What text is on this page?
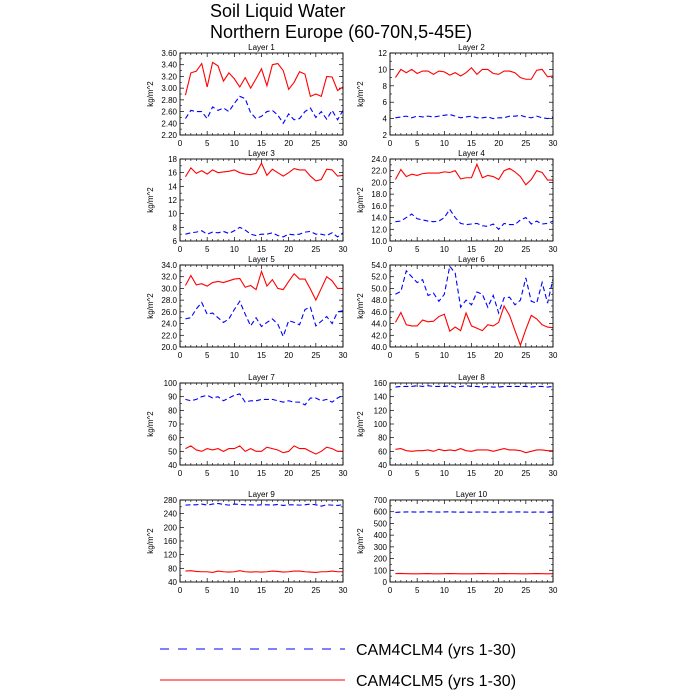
Soil Liquid Water
Northern Europe (60-70N,5-45E)
Layer 1
kg/m^2
2.20
2.40
2.60
2.80
3.00
3.20
3.40
3.60
0	5	10 15 20 25 30
Layer 2
kg/m^2
2
4
6
8
10
12
0	5	10 15 20 25 30
Layer 3
kg/m^2
6
8
10
12
14
16
18
0	5	10 15 20 25 30
Layer 4
kg/m^2
10.0
12.0
14.0
16.0
18.0
20.0
22.0
24.0
0	5	10 15 20 25 30
Layer 5
kg/m^2
20.0
22.0
24.0
26.0
28.0
30.0
32.0
34.0
0	5	10 15 20 25 30
Layer 6
kg/m^2
40.0
42.0
44.0
46.0
48.0
50.0
52.0
54.0
0	5	10 15 20 25 30
Layer 7
kg/m^2
40
50
60
70
80
90
100
0	5	10 15 20 25 30
Layer 8
kg/m^2
40
60
80
100
120
140
160
0	5	10 15 20 25 30
Layer 9
kg/m^2
40
80
120
160
200
240
280
0	5	10 15 20 25 30
Layer 10
kg/m^2
0
100
200
300
400
500
600
700
0	5	10 15 20 25 30
CAM4CLM4 (yrs 1-30)
CAM4CLM5 (yrs 1-30)
